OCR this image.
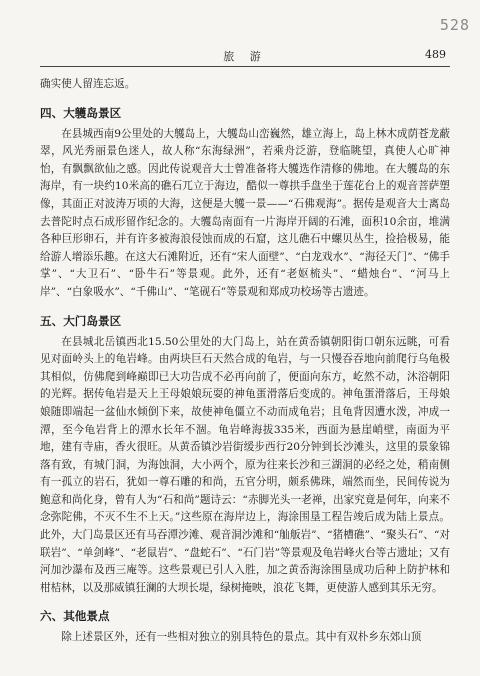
528
旅 游	489

确实使人留连忘返。

四、大鹱岛景区

在县城西南9公里处的大鹱岛上，大鹱岛山峦巍然，雄立海上，岛上林木成荫苍龙蔽翠，风光秀丽景色迷人，故人称“东海绿洲”，若乘舟泛游，登临眺望，真使人心旷神怡，有飘飘欲仙之感。因此传说观音大士曾准备将大鹱选作清修的佛地。在大鹱岛的东海岸，有一块约10米高的礁石兀立于海边，酷似一尊拱手盘坐于莲花台上的观音菩萨塑像，其面正对波涛万顷的大海，这便是大鹱一景——“石佛观海”。据传是观音大士离岛去普陀时点石成形留作纪念的。大鹱岛南面有一片海岸开阔的石滩，面积10余亩，堆满各种巨形卵石，并有许多被海浪侵蚀而成的石窟，这儿礁石中螺贝丛生，捡拾极易，能给游人增添乐趣。在这大石滩附近，还有“宋人面壁”、“白龙戏水”、“海径天门”、“佛手掌”、“大卫石”、“卧牛石”等景观。此外，还有“老妪梳头”、“蜡烛台”、“河马上岸”、“白象吸水”、“千佛山”、“笔砚石”等景观和郑成功校场等古遗迹。

五、大门岛景区

在县城北岳镇西北15.50公里处的大门岛上，站在黄岙镇朝阳街口朝东远眺，可看见对面岭头上的龟岩峰。由两块巨石天然合成的龟岩，与一只慢吞吞地向前爬行乌龟极其相似，仿佛爬到峰巅即已大功告成不必再向前了，便面向东方，屹然不动，沐浴朝阳的光辉。据传龟岩是天上王母娘娘玩耍的神龟蛋滑落后变成的。神龟蛋滑落后，王母娘娘随即端起一盆仙水倾倒下来，故使神龟僵立不动而成龟岩；且龟背因遭水泼，冲成一潭，至今龟岩背上的潭水长年不涸。龟岩峰海拔335米，西面为悬崖峭壁，南面为平地，建有寺庙，香火很旺。从黄岙镇沙岩街缓步西行20分钟到长沙滩头，这里的景象锦落有致，有城门洞，为海蚀洞，大小两个，原为往来长沙和三湖洞的必经之处，稍南侧有一孤立的岩石，犹如一尊石雕的和尚，五官分明，颇系佛珠，端然而坐，民间传说为鲍意和尚化身，曾有人为“石和尚”题诗云：“赤脚光头一老禅，出家究竟是何年，向来不念弥陀佛，不灭不生不上天。”这些原在海岸边上，海涂围垦工程告竣后成为陆上景点。此外，大门岛景区还有马吞潭沙滩、观音洞沙滩和“舢舨岩”、“猪槽礁”、“聚头石”、“对联岩”、“单剑峰”、“老鼠岩”、“盘蛇石”、“石门岩”等景观及龟岩峰火台等古遗址；又有河加沙瀑布及西三庵等。这些景观已引人入胜，加之黄岙海涂围垦成功后种上防护林和柑桔林，以及那威镇狂澜的大坝长堤，绿树掩映，浪花飞舞，更使游人感到其乐无穷。

六、其他景点

除上述景区外，还有一些相对独立的别具特色的景点。其中有双朴乡东郊山顶
